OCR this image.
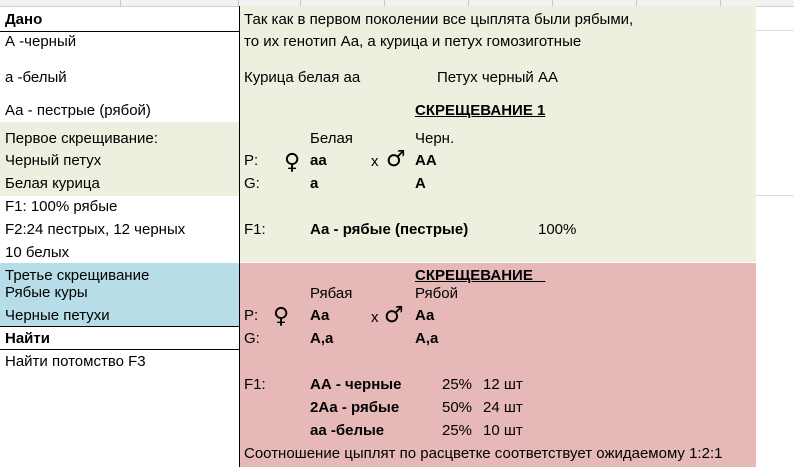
Дано
А -черный
а -белый
Аа - пестрые (рябой)
Первое скрещивание:
Черный петух
Белая курица
F1: 100% рябые
F2:24 пестрых, 12 черных
10 белых
Третье скрещивание
Рябые куры
Черные петухи
Найти
Найти потомство F3
Так как в первом поколении все цыплята были рябыми,
то их генотип Аа, а курица и петух гомозиготные
Курица белая аа	Петух черный АА
СКРЕЩЕВАНИЕ 1
Белая	Черн.
P: ♀ аа	x ♂ АА
G:	а	А
F1:	Аа - рябые (пестрые)	100%
СКРЕЩЕВАНИЕ
Рябая	Рябой
P: ♀ Аа	x ♂ Аа
G:	А,а	А,а
F1:	АА - черные	25% 12 шт
2Аа - рябые	50% 24 шт
аа -белые	25% 10 шт
Соотношение цыплят по расцветке соответствует ожидаемому 1:2:1
